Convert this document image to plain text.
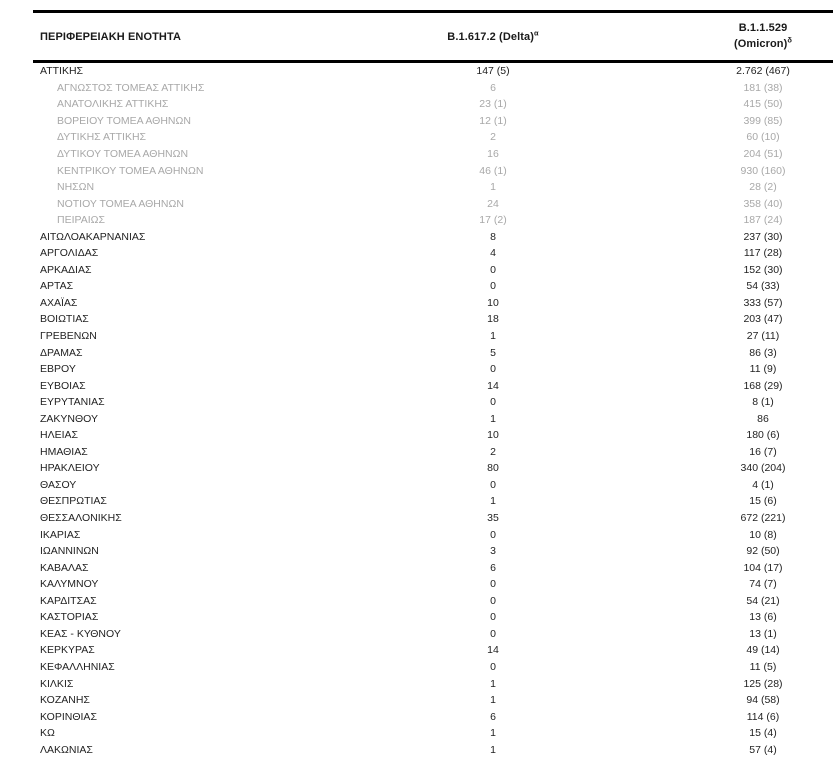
ΠΕΡΙΦΕΡΕΙΑΚΗ ΕΝΟΤΗΤΑ	B.1.617.2 (Delta)$^\alpha$	B.1.1.529
(Omicron)$^\delta$
ΑΤΤΙΚΗΣ	147 (5)	2.762 (467)
ΑΓΝΩΣΤΟΣ ΤΟΜΕΑΣ ΑΤΤΙΚΗΣ	6	181 (38)
ΑΝΑΤΟΛΙΚΗΣ ΑΤΤΙΚΗΣ	23 (1)	415 (50)
ΒΟΡΕΙΟΥ ΤΟΜΕΑ ΑΘΗΝΩΝ	12 (1)	399 (85)
ΔΥΤΙΚΗΣ ΑΤΤΙΚΗΣ	2	60 (10)
ΔΥΤΙΚΟΥ ΤΟΜΕΑ ΑΘΗΝΩΝ	16	204 (51)
ΚΕΝΤΡΙΚΟΥ ΤΟΜΕΑ ΑΘΗΝΩΝ	46 (1)	930 (160)
ΝΗΣΩΝ	1	28 (2)
ΝΟΤΙΟΥ ΤΟΜΕΑ ΑΘΗΝΩΝ	24	358 (40)
ΠΕΙΡΑΙΩΣ	17 (2)	187 (24)
ΑΙΤΩΛΟΑΚΑΡΝΑΝΙΑΣ	8	237 (30)
ΑΡΓΟΛΙΔΑΣ	4	117 (28)
ΑΡΚΑΔΙΑΣ	0	152 (30)
ΑΡΤΑΣ	0	54 (33)
ΑΧΑΪΑΣ	10	333 (57)
ΒΟΙΩΤΙΑΣ	18	203 (47)
ΓΡΕΒΕΝΩΝ	1	27 (11)
ΔΡΑΜΑΣ	5	86 (3)
ΕΒΡΟΥ	0	11 (9)
ΕΥΒΟΙΑΣ	14	168 (29)
ΕΥΡΥΤΑΝΙΑΣ	0	8 (1)
ΖΑΚΥΝΘΟΥ	1	86
ΗΛΕΙΑΣ	10	180 (6)
ΗΜΑΘΙΑΣ	2	16 (7)
ΗΡΑΚΛΕΙΟΥ	80	340 (204)
ΘΑΣΟΥ	0	4 (1)
ΘΕΣΠΡΩΤΙΑΣ	1	15 (6)
ΘΕΣΣΑΛΟΝΙΚΗΣ	35	672 (221)
ΙΚΑΡΙΑΣ	0	10 (8)
ΙΩΑΝΝΙΝΩΝ	3	92 (50)
ΚΑΒΑΛΑΣ	6	104 (17)
ΚΑΛΥΜΝΟΥ	0	74 (7)
ΚΑΡΔΙΤΣΑΣ	0	54 (21)
ΚΑΣΤΟΡΙΑΣ	0	13 (6)
ΚΕΑΣ - ΚΥΘΝΟΥ	0	13 (1)
ΚΕΡΚΥΡΑΣ	14	49 (14)
ΚΕΦΑΛΛΗΝΙΑΣ	0	11 (5)
ΚΙΛΚΙΣ	1	125 (28)
ΚΟΖΑΝΗΣ	1	94 (58)
ΚΟΡΙΝΘΙΑΣ	6	114 (6)
ΚΩ	1	15 (4)
ΛΑΚΩΝΙΑΣ	1	57 (4)
